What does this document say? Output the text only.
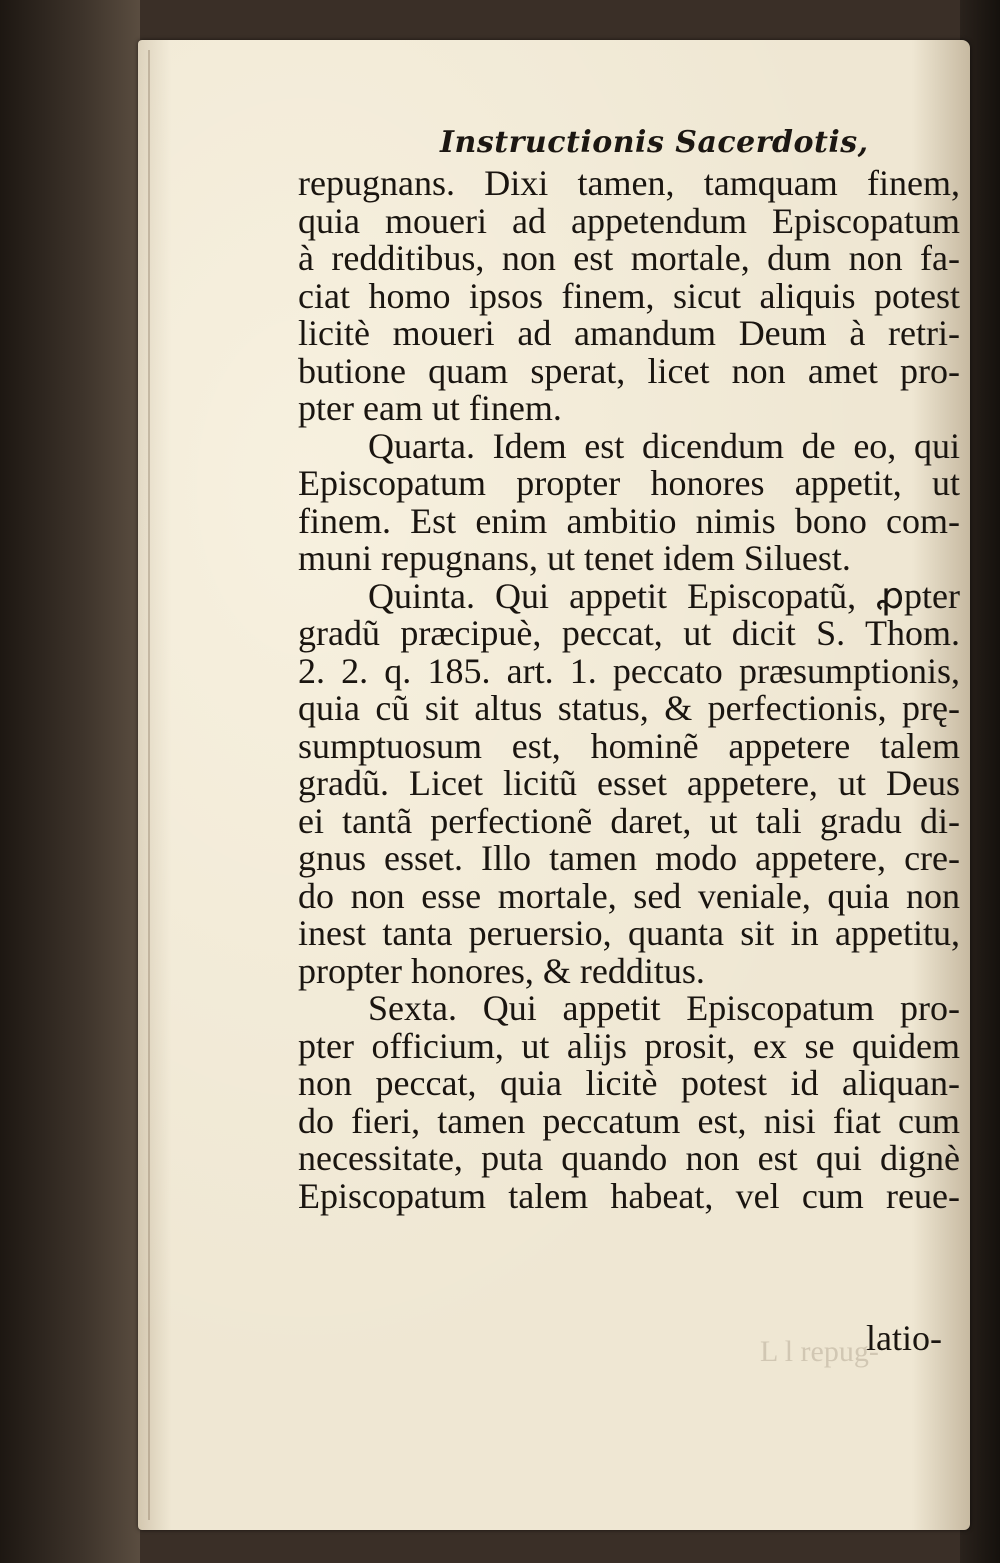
Instructionis Sacerdotis,
repugnans. Dixi tamen, tamquam finem,
quia moueri ad appetendum Episcopatum
à redditibus, non est mortale, dum non fa-
ciat homo ipsos finem, sicut aliquis potest
licitè moueri ad amandum Deum à retri-
butione quam sperat, licet non amet pro-
pter eam ut finem.
Quarta. Idem est dicendum de eo, qui
Episcopatum propter honores appetit, ut
finem. Est enim ambitio nimis bono com-
muni repugnans, ut tenet idem Siluest.
Quinta. Qui appetit Episcopatũ, ꝓpter
gradũ præcipuè, peccat, ut dicit S. Thom.
2. 2. q. 185. art. 1. peccato præsumptionis,
quia cũ sit altus status, & perfectionis, prę-
sumptuosum est, hominẽ appetere talem
gradũ. Licet licitũ esset appetere, ut Deus
ei tantã perfectionẽ daret, ut tali gradu di-
gnus esset. Illo tamen modo appetere, cre-
do non esse mortale, sed veniale, quia non
inest tanta peruersio, quanta sit in appetitu,
propter honores, & redditus.
Sexta. Qui appetit Episcopatum pro-
pter officium, ut alijs prosit, ex se quidem
non peccat, quia licitè potest id aliquan-
do fieri, tamen peccatum est, nisi fiat cum
necessitate, puta quando non est qui dignè
Episcopatum talem habeat, vel cum reue-
L l repug-
latio-
